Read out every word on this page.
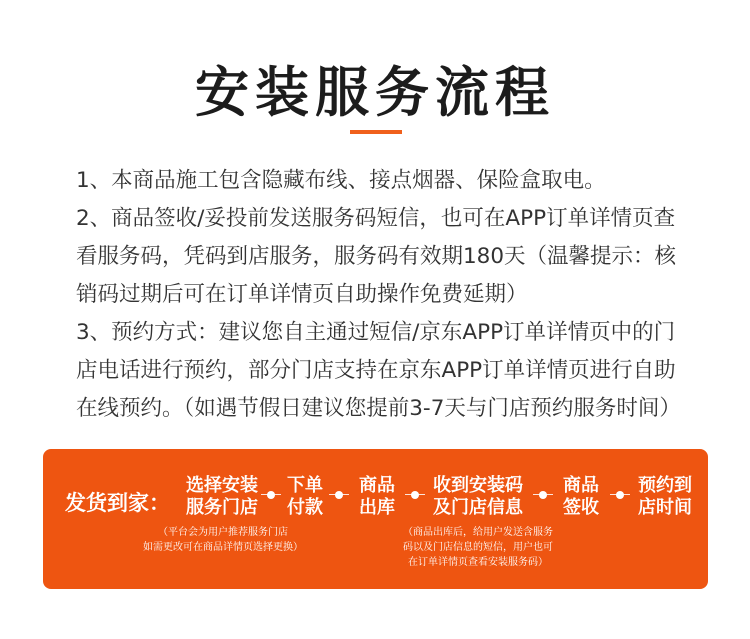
安装服务流程

1、本商品施工包含隐藏布线、接点烟器、保险盒取电。

2、商品签收/妥投前发送服务码短信，也可在APP订单详情页查看服务码，凭码到店服务，服务码有效期180天（温馨提示：核销码过期后可在订单详情页自助操作免费延期）

3、预约方式：建议您自主通过短信/京东APP订单详情页中的门店电话进行预约，部分门店支持在京东APP订单详情页进行自助在线预约。（如遇节假日建议您提前3-7天与门店预约服务时间）

发货到家：
选择安装
服务门店
下单
付款
商品
出库
收到安装码
及门店信息
商品
签收
预约到
店时间
（平台会为用户推荐服务门店
如需更改可在商品详情页选择更换）
（商品出库后，给用户发送含服务
码以及门店信息的短信，用户也可
在订单详情页查看安装服务码）
